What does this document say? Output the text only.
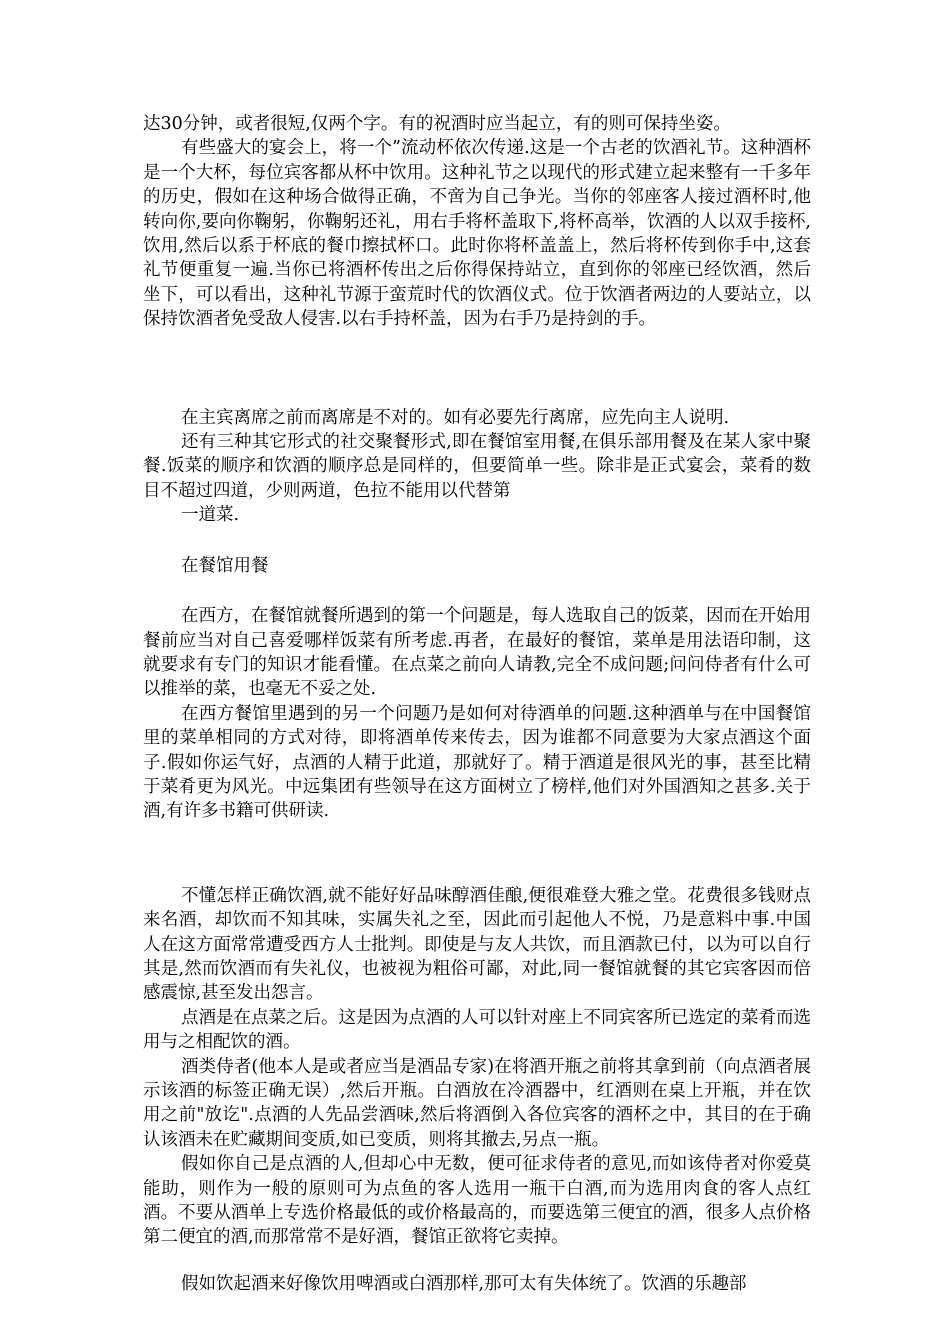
达30分钟，或者很短,仅两个字。有的祝酒时应当起立，有的则可保持坐姿。

有些盛大的宴会上，将一个”流动杯依次传递.这是一个古老的饮酒礼节。这种酒杯是一个大杯，每位宾客都从杯中饮用。这种礼节之以现代的形式建立起来整有一千多年的历史，假如在这种场合做得正确，不啻为自己争光。当你的邻座客人接过酒杯时,他转向你,要向你鞠躬，你鞠躬还礼，用右手将杯盖取下,将杯高举，饮酒的人以双手接杯,饮用,然后以系于杯底的餐巾擦拭杯口。此时你将杯盖盖上，然后将杯传到你手中,这套礼节便重复一遍.当你已将酒杯传出之后你得保持站立，直到你的邻座已经饮酒，然后坐下，可以看出，这种礼节源于蛮荒时代的饮酒仪式。位于饮酒者两边的人要站立，以保持饮酒者免受敌人侵害.以右手持杯盖，因为右手乃是持剑的手。

在主宾离席之前而离席是不对的。如有必要先行离席，应先向主人说明.

还有三种其它形式的社交聚餐形式,即在餐馆室用餐,在俱乐部用餐及在某人家中聚餐.饭菜的顺序和饮酒的顺序总是同样的，但要简单一些。除非是正式宴会，菜肴的数目不超过四道，少则两道，色拉不能用以代替第

一道菜.

在餐馆用餐

在西方，在餐馆就餐所遇到的第一个问题是，每人选取自己的饭菜，因而在开始用餐前应当对自己喜爱哪样饭菜有所考虑.再者，在最好的餐馆，菜单是用法语印制，这就要求有专门的知识才能看懂。在点菜之前向人请教,完全不成问题;问问侍者有什么可以推举的菜，也毫无不妥之处.

在西方餐馆里遇到的另一个问题乃是如何对待酒单的问题.这种酒单与在中国餐馆里的菜单相同的方式对待，即将酒单传来传去，因为谁都不同意要为大家点酒这个面子.假如你运气好，点酒的人精于此道，那就好了。精于酒道是很风光的事，甚至比精于菜肴更为风光。中远集团有些领导在这方面树立了榜样,他们对外国酒知之甚多.关于酒,有许多书籍可供研读.

不懂怎样正确饮酒,就不能好好品味醇酒佳酿,便很难登大雅之堂。花费很多钱财点来名酒，却饮而不知其味，实属失礼之至，因此而引起他人不悦，乃是意料中事.中国人在这方面常常遭受西方人士批判。即使是与友人共饮，而且酒款已付，以为可以自行其是,然而饮酒而有失礼仪，也被视为粗俗可鄙，对此,同一餐馆就餐的其它宾客因而倍感震惊,甚至发出怨言。

点酒是在点菜之后。这是因为点酒的人可以针对座上不同宾客所已选定的菜肴而选用与之相配饮的酒。

酒类侍者(他本人是或者应当是酒品专家)在将酒开瓶之前将其拿到前（向点酒者展示该酒的标签正确无误）,然后开瓶。白酒放在冷酒器中，红酒则在桌上开瓶，并在饮用之前"放讫".点酒的人先品尝酒味,然后将酒倒入各位宾客的酒杯之中，其目的在于确认该酒未在贮藏期间变质,如已变质，则将其撤去,另点一瓶。

假如你自己是点酒的人,但却心中无数，便可征求侍者的意见,而如该侍者对你爱莫能助，则作为一般的原则可为点鱼的客人选用一瓶干白酒,而为选用肉食的客人点红酒。不要从酒单上专选价格最低的或价格最高的，而要选第三便宜的酒，很多人点价格第二便宜的酒,而那常常不是好酒，餐馆正欲将它卖掉。

假如饮起酒来好像饮用啤酒或白酒那样,那可太有失体统了。饮酒的乐趣部
